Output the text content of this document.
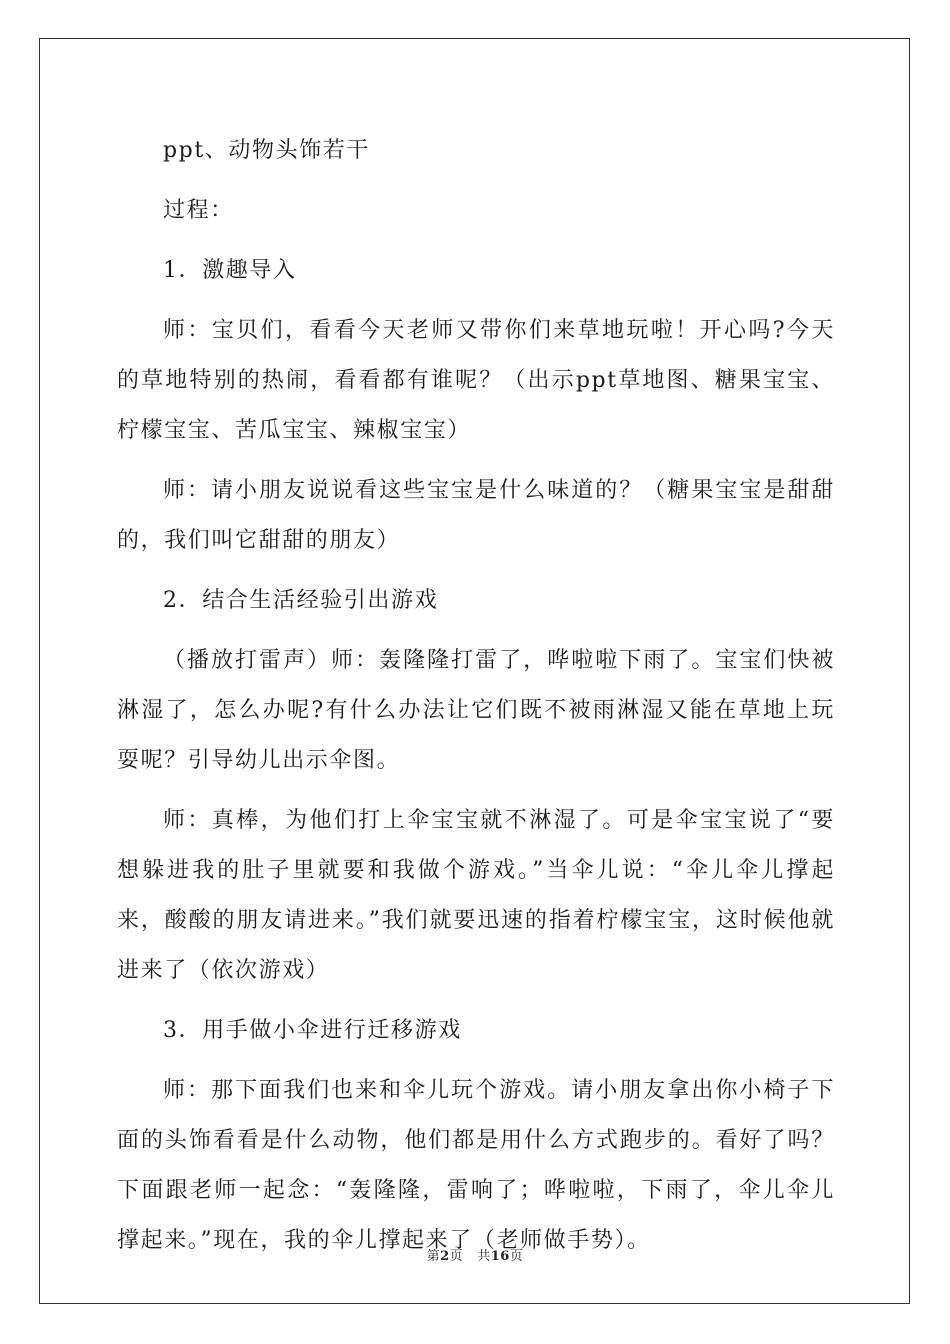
ppt、动物头饰若干

过程：

1．激趣导入

师：宝贝们，看看今天老师又带你们来草地玩啦！开心吗?今天的草地特别的热闹，看看都有谁呢？（出示ppt草地图、糖果宝宝、柠檬宝宝、苦瓜宝宝、辣椒宝宝）

师：请小朋友说说看这些宝宝是什么味道的？（糖果宝宝是甜甜的，我们叫它甜甜的朋友）

2．结合生活经验引出游戏

（播放打雷声）师：轰隆隆打雷了，哗啦啦下雨了。宝宝们快被淋湿了，怎么办呢?有什么办法让它们既不被雨淋湿又能在草地上玩耍呢？引导幼儿出示伞图。

师：真棒，为他们打上伞宝宝就不淋湿了。可是伞宝宝说了“要想躲进我的肚子里就要和我做个游戏。”当伞儿说：“伞儿伞儿撑起来，酸酸的朋友请进来。”我们就要迅速的指着柠檬宝宝，这时候他就进来了（依次游戏）

3．用手做小伞进行迁移游戏

师：那下面我们也来和伞儿玩个游戏。请小朋友拿出你小椅子下面的头饰看看是什么动物，他们都是用什么方式跑步的。看好了吗？下面跟老师一起念：“轰隆隆，雷响了；哗啦啦，下雨了，伞儿伞儿撑起来。”现在，我的伞儿撑起来了（老师做手势）。

第2页 共16页
